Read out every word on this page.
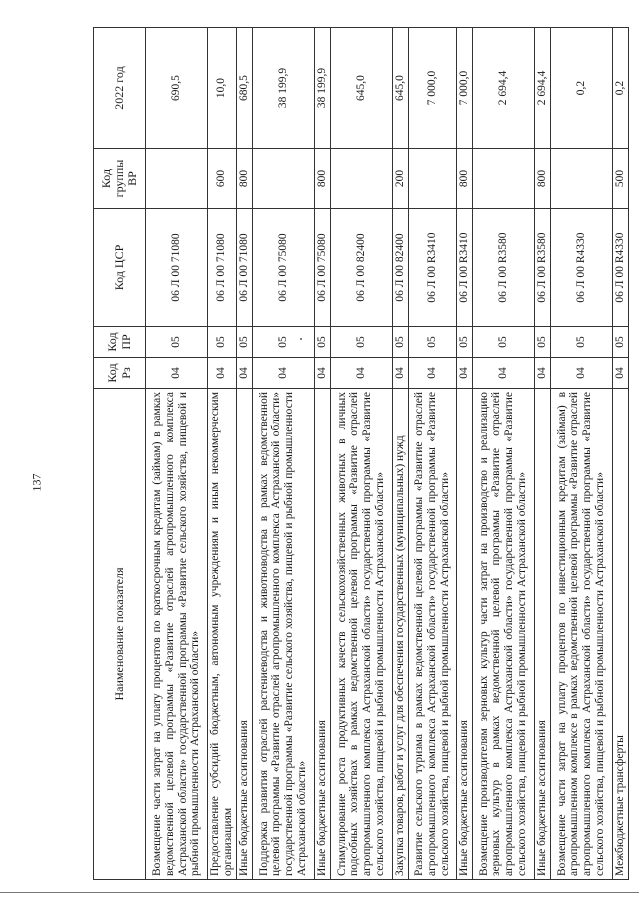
137
Наименование показателя	Код Рз	Код ПР	Код ЦСР	Код группы ВР	2022 год
Возмещение части затрат на уплату процентов по краткосрочным кредитам (займам) в рамках ведомственной целевой программы «Развитие отраслей агропромышленного комплекса Астраханской области» государственной программы «Развитие сельского хозяйства, пищевой и рыбной промышленности Астраханской области»	04	05	06 Л 00 71080		690,5
Предоставление субсидий бюджетным, автономным учреждениям и иным некоммерческим организациям	04	05	06 Л 00 71080	600	10,0
Иные бюджетные ассигнования	04	05	06 Л 00 71080	800	680,5
Поддержка развития отраслей растениеводства и животноводства в рамках ведомственной целевой программы «Развитие отраслей агропромышленного комплекса Астраханской области» государственной программы «Развитие сельского хозяйства, пищевой и рыбной промышленности Астраханской области»	04	05	06 Л 00 75080		38 199,9
Иные бюджетные ассигнования	04	05	06 Л 00 75080	800	38 199,9
Стимулирование роста продуктивных качеств сельскохозяйственных животных в личных подсобных хозяйствах в рамках ведомственной целевой программы «Развитие отраслей агропромышленного комплекса Астраханской области» государственной программы «Развитие сельского хозяйства, пищевой и рыбной промышленности Астраханской области»	04	05	06 Л 00 82400		645,0
Закупка товаров, работ и услуг для обеспечения государственных (муниципальных) нужд	04	05	06 Л 00 82400	200	645,0
Развитие сельского туризма в рамках ведомственной целевой программы «Развитие отраслей агропромышленного комплекса Астраханской области» государственной программы «Развитие сельского хозяйства, пищевой и рыбной промышленности Астраханской области»	04	05	06 Л 00 R3410		7 000,0
Иные бюджетные ассигнования	04	05	06 Л 00 R3410	800	7 000,0
Возмещение производителям зерновых культур части затрат на производство и реализацию зерновых культур в рамках ведомственной целевой программы «Развитие отраслей агропромышленного комплекса Астраханской области» государственной программы «Развитие сельского хозяйства, пищевой и рыбной промышленности Астраханской области»	04	05	06 Л 00 R3580		2 694,4
Иные бюджетные ассигнования	04	05	06 Л 00 R3580	800	2 694,4
Возмещение части затрат на уплату процентов по инвестиционным кредитам (займам) в агропромышленном комплексе в рамках ведомственной целевой программы «Развитие отраслей агропромышленного комплекса Астраханской области» государственной программы «Развитие сельского хозяйства, пищевой и рыбной промышленности Астраханской области»	04	05	06 Л 00 R4330		0,2
Межбюджетные трансферты	04	05	06 Л 00 R4330	500	0,2
